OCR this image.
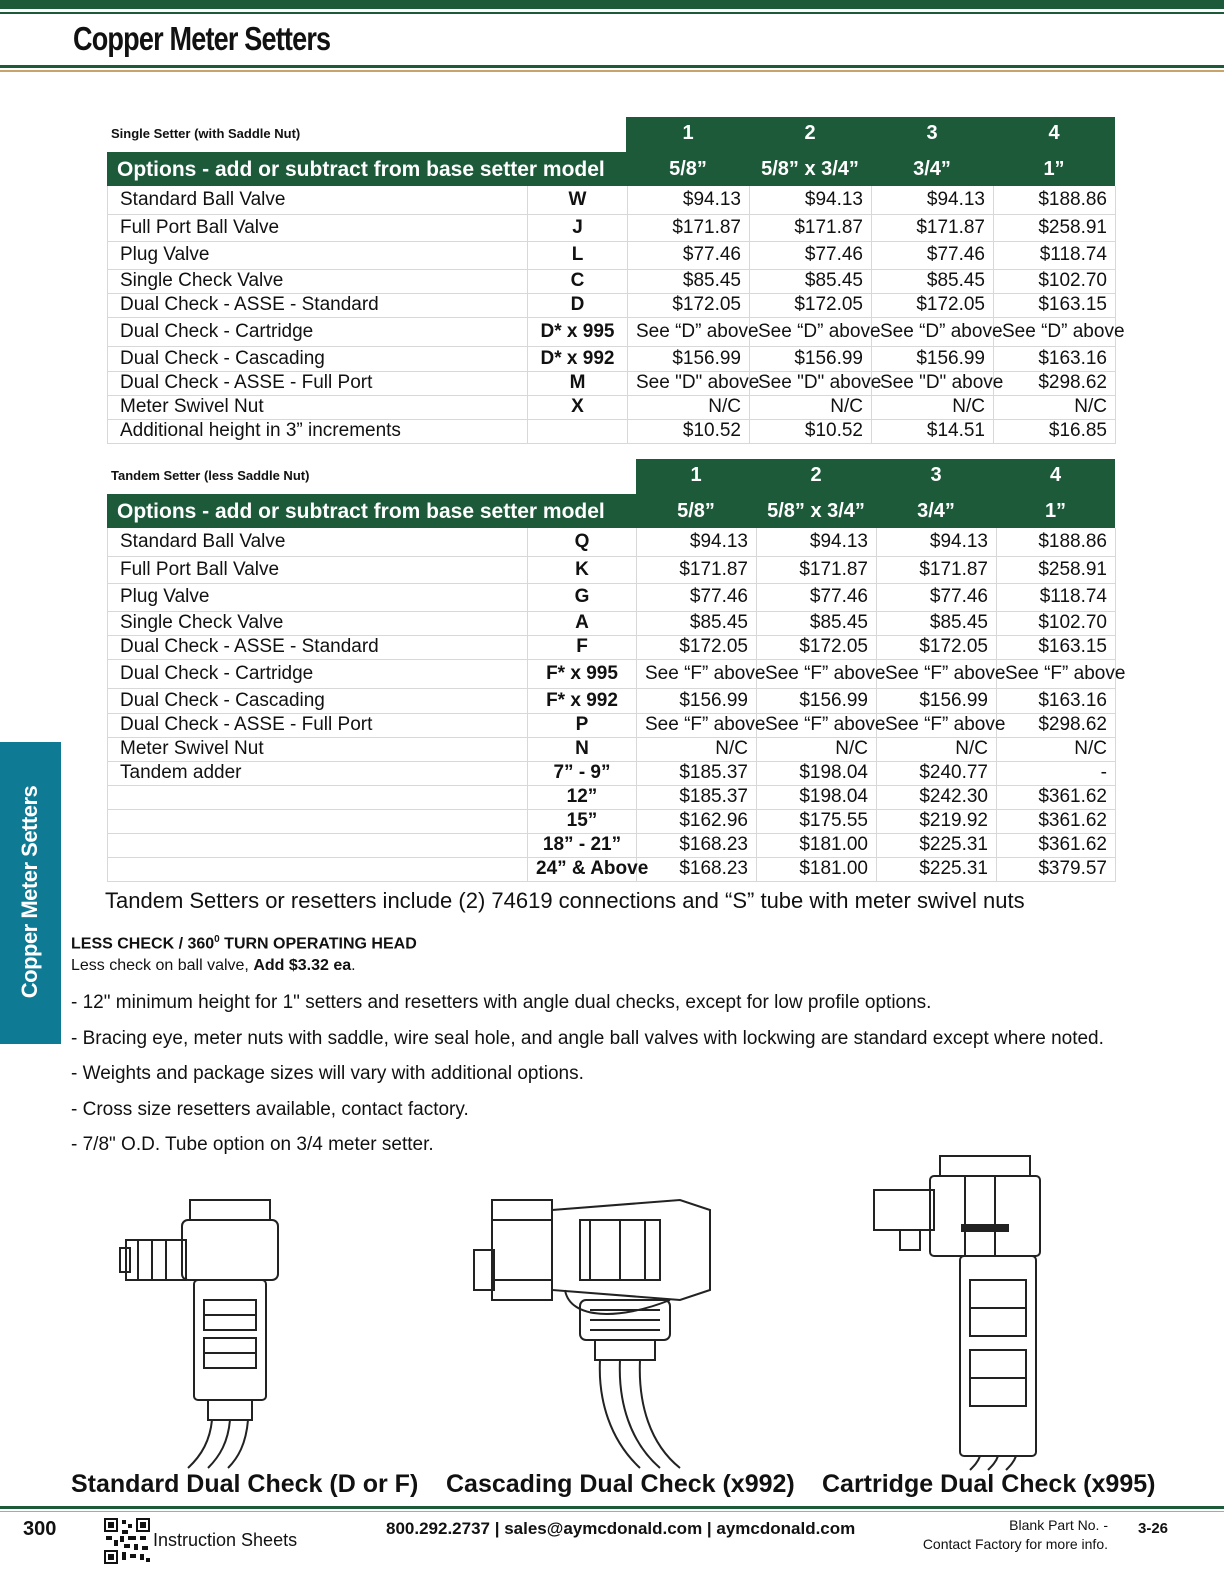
Copper Meter Setters
Copper Meter Setters
Single Setter (with Saddle Nut)	1	2	3	4
Options - add or subtract from base setter model	5/8”	5/8” x 3/4”	3/4”	1”
Standard Ball Valve	W	$94.13	$94.13	$94.13	$188.86
Full Port Ball Valve	J	$171.87	$171.87	$171.87	$258.91
Plug Valve	L	$77.46	$77.46	$77.46	$118.74
Single Check Valve	C	$85.45	$85.45	$85.45	$102.70
Dual Check - ASSE - Standard	D	$172.05	$172.05	$172.05	$163.15
Dual Check - Cartridge	D* x 995	See “D” above	See “D” above	See “D” above	See “D” above
Dual Check - Cascading	D* x 992	$156.99	$156.99	$156.99	$163.16
Dual Check - ASSE - Full Port	M	See "D" above	See "D" above	See "D" above	$298.62
Meter Swivel Nut	X	N/C	N/C	N/C	N/C
Additional height in 3” increments		$10.52	$10.52	$14.51	$16.85
Tandem Setter (less Saddle Nut)	1	2	3	4
Options - add or subtract from base setter model	5/8”	5/8” x 3/4”	3/4”	1”
Standard Ball Valve	Q	$94.13	$94.13	$94.13	$188.86
Full Port Ball Valve	K	$171.87	$171.87	$171.87	$258.91
Plug Valve	G	$77.46	$77.46	$77.46	$118.74
Single Check Valve	A	$85.45	$85.45	$85.45	$102.70
Dual Check - ASSE - Standard	F	$172.05	$172.05	$172.05	$163.15
Dual Check - Cartridge	F* x 995	See “F” above	See “F” above	See “F” above	See “F” above
Dual Check - Cascading	F* x 992	$156.99	$156.99	$156.99	$163.16
Dual Check - ASSE - Full Port	P	See “F” above	See “F” above	See “F” above	$298.62
Meter Swivel Nut	N	N/C	N/C	N/C	N/C
Tandem adder	7” - 9”	$185.37	$198.04	$240.77	-
	12”	$185.37	$198.04	$242.30	$361.62
	15”	$162.96	$175.55	$219.92	$361.62
	18” - 21”	$168.23	$181.00	$225.31	$361.62
	24” & Above	$168.23	$181.00	$225.31	$379.57
Tandem Setters or resetters include (2) 74619 connections and “S” tube with meter swivel nuts
LESS CHECK / $360^0$ TURN OPERATING HEAD
Less check on ball valve, Add $3.32 ea.
- 12" minimum height for 1" setters and resetters with angle dual checks, except for low profile options.
- Bracing eye, meter nuts with saddle, wire seal hole, and angle ball valves with lockwing are standard except where noted.
- Weights and package sizes will vary with additional options.
- Cross size resetters available, contact factory.
- 7/8" O.D. Tube option on 3/4 meter setter.
Standard Dual Check (D or F) Cascading Dual Check (x992) Cartridge Dual Check (x995)
300	Instruction Sheets
800.292.2737 | sales@aymcdonald.com | aymcdonald.com	Blank Part No. -
Contact Factory for more info.
3-26
